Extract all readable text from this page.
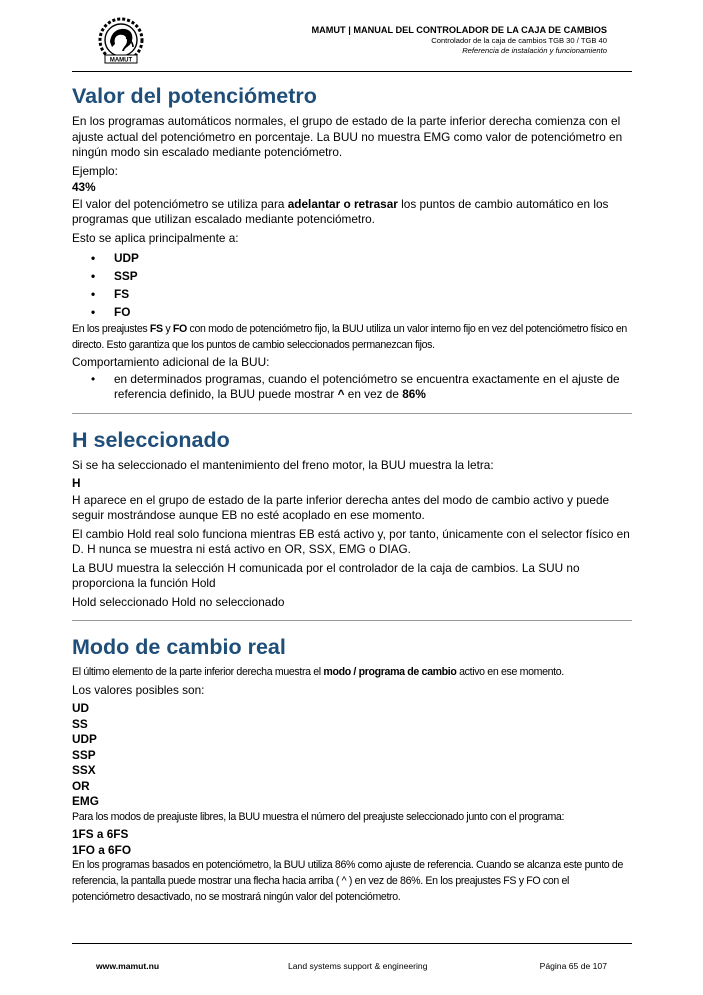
MAMUT
MAMUT | MANUAL DEL CONTROLADOR DE LA CAJA DE CAMBIOS
Controlador de la caja de cambios TGB 30 / TGB 40
Referencia de instalación y funcionamiento
Valor del potenciómetro

En los programas automáticos normales, el grupo de estado de la parte inferior derecha comienza con el ajuste actual del potenciómetro en porcentaje. La BUU no muestra EMG como valor de potenciómetro en ningún modo sin escalado mediante potenciómetro.

Ejemplo:

43%

El valor del potenciómetro se utiliza para adelantar o retrasar los puntos de cambio automático en los programas que utilizan escalado mediante potenciómetro.

Esto se aplica principalmente a:

• UDP
• SSP
• FS
• FO

En los preajustes FS y FO con modo de potenciómetro fijo, la BUU utiliza un valor interno fijo en vez del potenciómetro físico en directo. Esto garantiza que los puntos de cambio seleccionados permanezcan fijos.

Comportamiento adicional de la BUU:

• en determinados programas, cuando el potenciómetro se encuentra exactamente en el ajuste de referencia definido, la BUU puede mostrar ^ en vez de 86%
H seleccionado

Si se ha seleccionado el mantenimiento del freno motor, la BUU muestra la letra:

H

H aparece en el grupo de estado de la parte inferior derecha antes del modo de cambio activo y puede seguir mostrándose aunque EB no esté acoplado en ese momento.

El cambio Hold real solo funciona mientras EB está activo y, por tanto, únicamente con el selector físico en D. H nunca se muestra ni está activo en OR, SSX, EMG o DIAG.

La BUU muestra la selección H comunicada por el controlador de la caja de cambios. La SUU no proporciona la función Hold

Hold seleccionado Hold no seleccionado

Modo de cambio real

El último elemento de la parte inferior derecha muestra el modo / programa de cambio activo en ese momento.

Los valores posibles son:

UD

SS

UDP

SSP

SSX

OR

EMG

Para los modos de preajuste libres, la BUU muestra el número del preajuste seleccionado junto con el programa:

1FS a 6FS

1FO a 6FO

En los programas basados en potenciómetro, la BUU utiliza 86% como ajuste de referencia. Cuando se alcanza este punto de referencia, la pantalla puede mostrar una flecha hacia arriba ( ^ ) en vez de 86%. En los preajustes FS y FO con el potenciómetro desactivado, no se mostrará ningún valor del potenciómetro.

www.mamut.nu	Land systems support & engineering	Página 65 de 107
